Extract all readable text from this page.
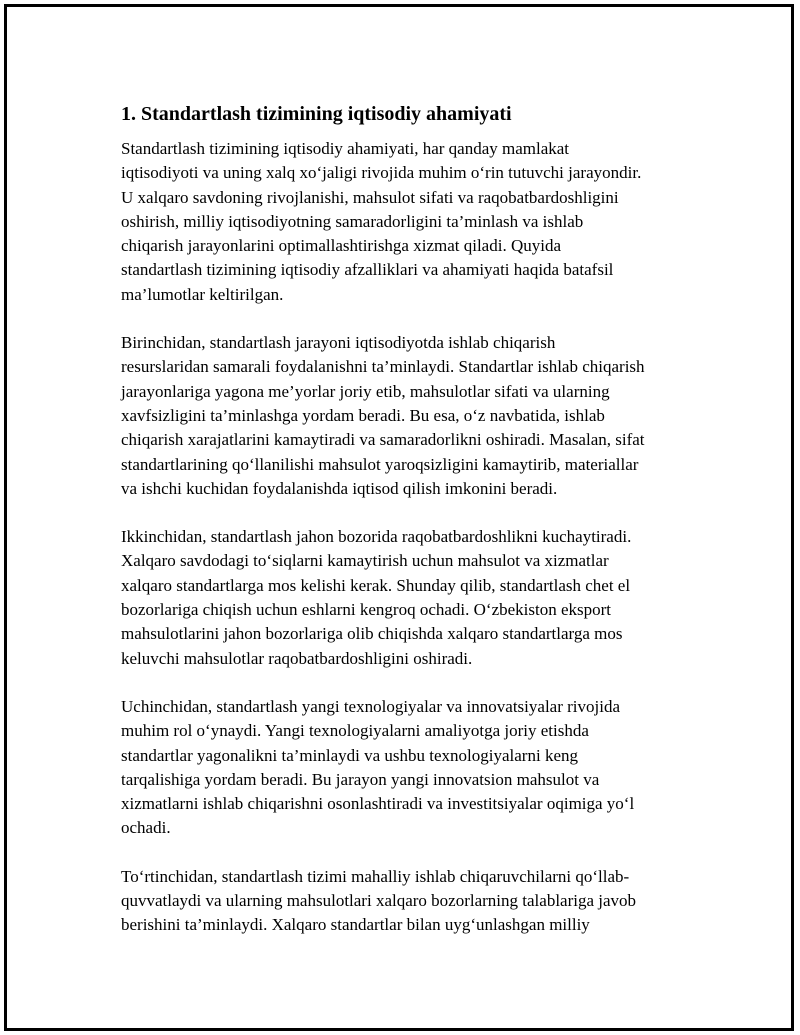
1. Standartlash tizimining iqtisodiy ahamiyati

Standartlash tizimining iqtisodiy ahamiyati, har qanday mamlakat
iqtisodiyoti va uning xalq xo‘jaligi rivojida muhim o‘rin tutuvchi jarayondir.
U xalqaro savdoning rivojlanishi, mahsulot sifati va raqobatbardoshligini
oshirish, milliy iqtisodiyotning samaradorligini ta’minlash va ishlab
chiqarish jarayonlarini optimallashtirishga xizmat qiladi. Quyida
standartlash tizimining iqtisodiy afzalliklari va ahamiyati haqida batafsil
ma’lumotlar keltirilgan.

Birinchidan, standartlash jarayoni iqtisodiyotda ishlab chiqarish
resurslaridan samarali foydalanishni ta’minlaydi. Standartlar ishlab chiqarish
jarayonlariga yagona me’yorlar joriy etib, mahsulotlar sifati va ularning
xavfsizligini ta’minlashga yordam beradi. Bu esa, o‘z navbatida, ishlab
chiqarish xarajatlarini kamaytiradi va samaradorlikni oshiradi. Masalan, sifat
standartlarining qo‘llanilishi mahsulot yaroqsizligini kamaytirib, materiallar
va ishchi kuchidan foydalanishda iqtisod qilish imkonini beradi.

Ikkinchidan, standartlash jahon bozorida raqobatbardoshlikni kuchaytiradi.
Xalqaro savdodagi to‘siqlarni kamaytirish uchun mahsulot va xizmatlar
xalqaro standartlarga mos kelishi kerak. Shunday qilib, standartlash chet el
bozorlariga chiqish uchun eshlarni kengroq ochadi. O‘zbekiston eksport
mahsulotlarini jahon bozorlariga olib chiqishda xalqaro standartlarga mos
keluvchi mahsulotlar raqobatbardoshligini oshiradi.

Uchinchidan, standartlash yangi texnologiyalar va innovatsiyalar rivojida
muhim rol o‘ynaydi. Yangi texnologiyalarni amaliyotga joriy etishda
standartlar yagonalikni ta’minlaydi va ushbu texnologiyalarni keng
tarqalishiga yordam beradi. Bu jarayon yangi innovatsion mahsulot va
xizmatlarni ishlab chiqarishni osonlashtiradi va investitsiyalar oqimiga yo‘l
ochadi.

To‘rtinchidan, standartlash tizimi mahalliy ishlab chiqaruvchilarni qo‘llab-
quvvatlaydi va ularning mahsulotlari xalqaro bozorlarning talablariga javob
berishini ta’minlaydi. Xalqaro standartlar bilan uyg‘unlashgan milliy
